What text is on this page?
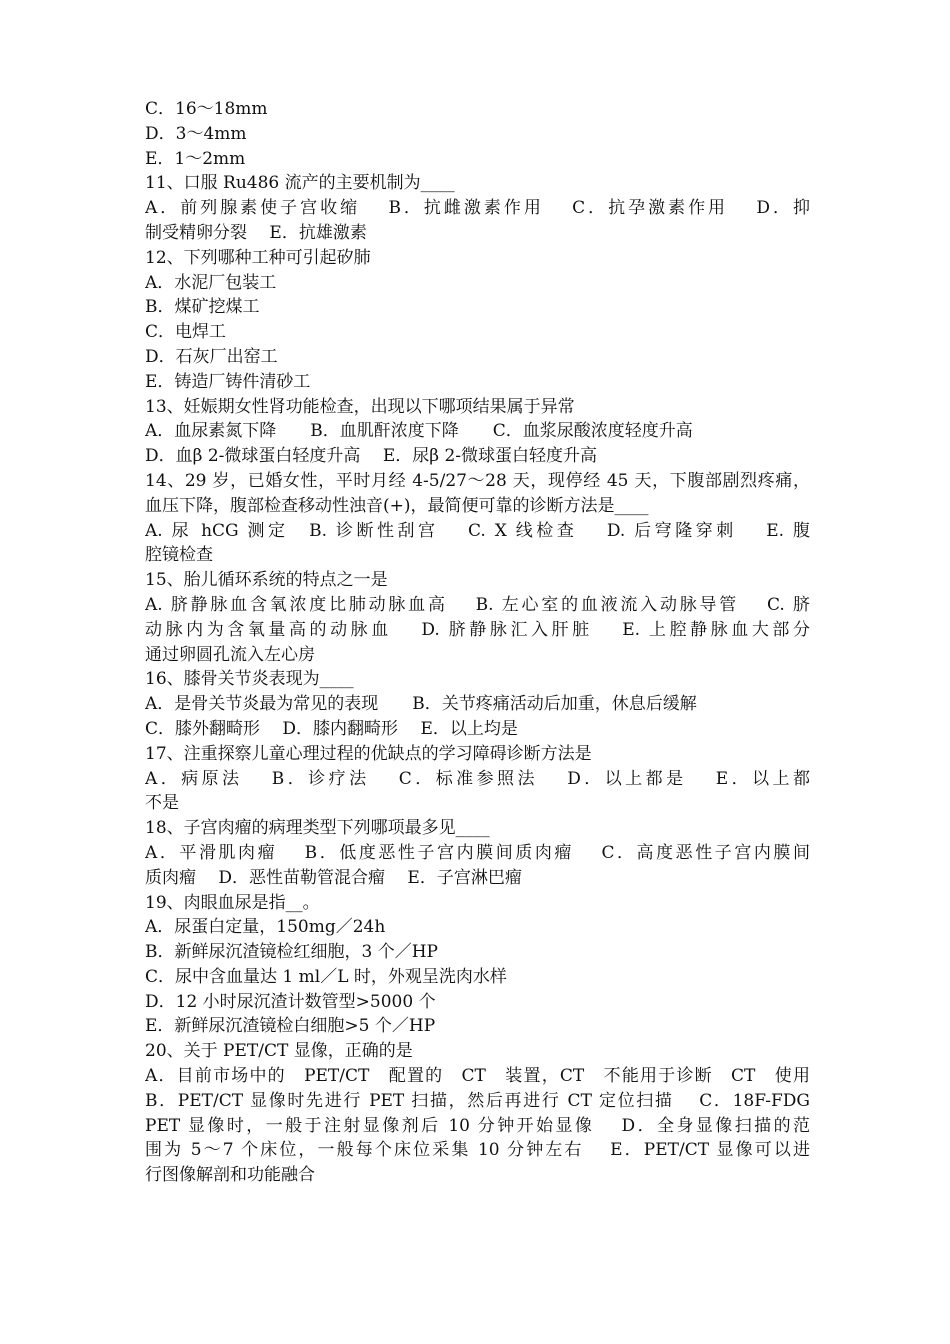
C．16～18mm
D．3～4mm
E．1～2mm
11、口服 Ru486 流产的主要机制为____
A．前列腺素使子宫收缩　 B．抗雌激素作用　 C．抗孕激素作用　 D．抑
制受精卵分裂　 E．抗雄激素
12、下列哪种工种可引起矽肺
A．水泥厂包装工
B．煤矿挖煤工
C．电焊工
D．石灰厂出窑工
E．铸造厂铸件清砂工
13、妊娠期女性肾功能检查，出现以下哪项结果属于异常
A．血尿素氮下降　　B．血肌酐浓度下降　　C．血浆尿酸浓度轻度升高
D．血β 2-微球蛋白轻度升高　 E．尿β 2-微球蛋白轻度升高
14、29 岁，已婚女性，平时月经 4-5/27～28 天，现停经 45 天，下腹部剧烈疼痛，
血压下降，腹部检查移动性浊音(+)，最简便可靠的诊断方法是____
A. 尿 hCG 测定　B. 诊断性刮宫　 C. X 线检查　 D. 后穹隆穿刺　 E. 腹
腔镜检查
15、胎儿循环系统的特点之一是
A. 脐静脉血含氧浓度比肺动脉血高　 B. 左心室的血液流入动脉导管　 C. 脐
动脉内为含氧量高的动脉血　 D. 脐静脉汇入肝脏　 E. 上腔静脉血大部分
通过卵圆孔流入左心房
16、膝骨关节炎表现为____
A．是骨关节炎最为常见的表现　　B．关节疼痛活动后加重，休息后缓解
C．膝外翻畸形　 D．膝内翻畸形　 E．以上均是
17、注重探察儿童心理过程的优缺点的学习障碍诊断方法是
A．病原法　 B．诊疗法　 C．标准参照法　 D．以上都是　 E．以上都
不是
18、子宫肉瘤的病理类型下列哪项最多见____
A．平滑肌肉瘤　 B．低度恶性子宫内膜间质肉瘤　 C．高度恶性子宫内膜间
质肉瘤　 D．恶性苗勒管混合瘤　 E．子宫淋巴瘤
19、肉眼血尿是指__。
A．尿蛋白定量，150mg／24h
B．新鲜尿沉渣镜检红细胞，3 个／HP
C．尿中含血量达 1 ml／L 时，外观呈洗肉水样
D．12 小时尿沉渣计数管型>5000 个
E．新鲜尿沉渣镜检白细胞>5 个／HP
20、关于 PET/CT 显像，正确的是
A．目前市场中的　PET/CT　配置的　CT　装置，CT　不能用于诊断　CT　使用
B．PET/CT 显像时先进行 PET 扫描，然后再进行 CT 定位扫描　 C．18F-FDG
PET 显像时，一般于注射显像剂后 10 分钟开始显像　 D．全身显像扫描的范
围为 5～7 个床位，一般每个床位采集 10 分钟左右　 E．PET/CT 显像可以进
行图像解剖和功能融合
